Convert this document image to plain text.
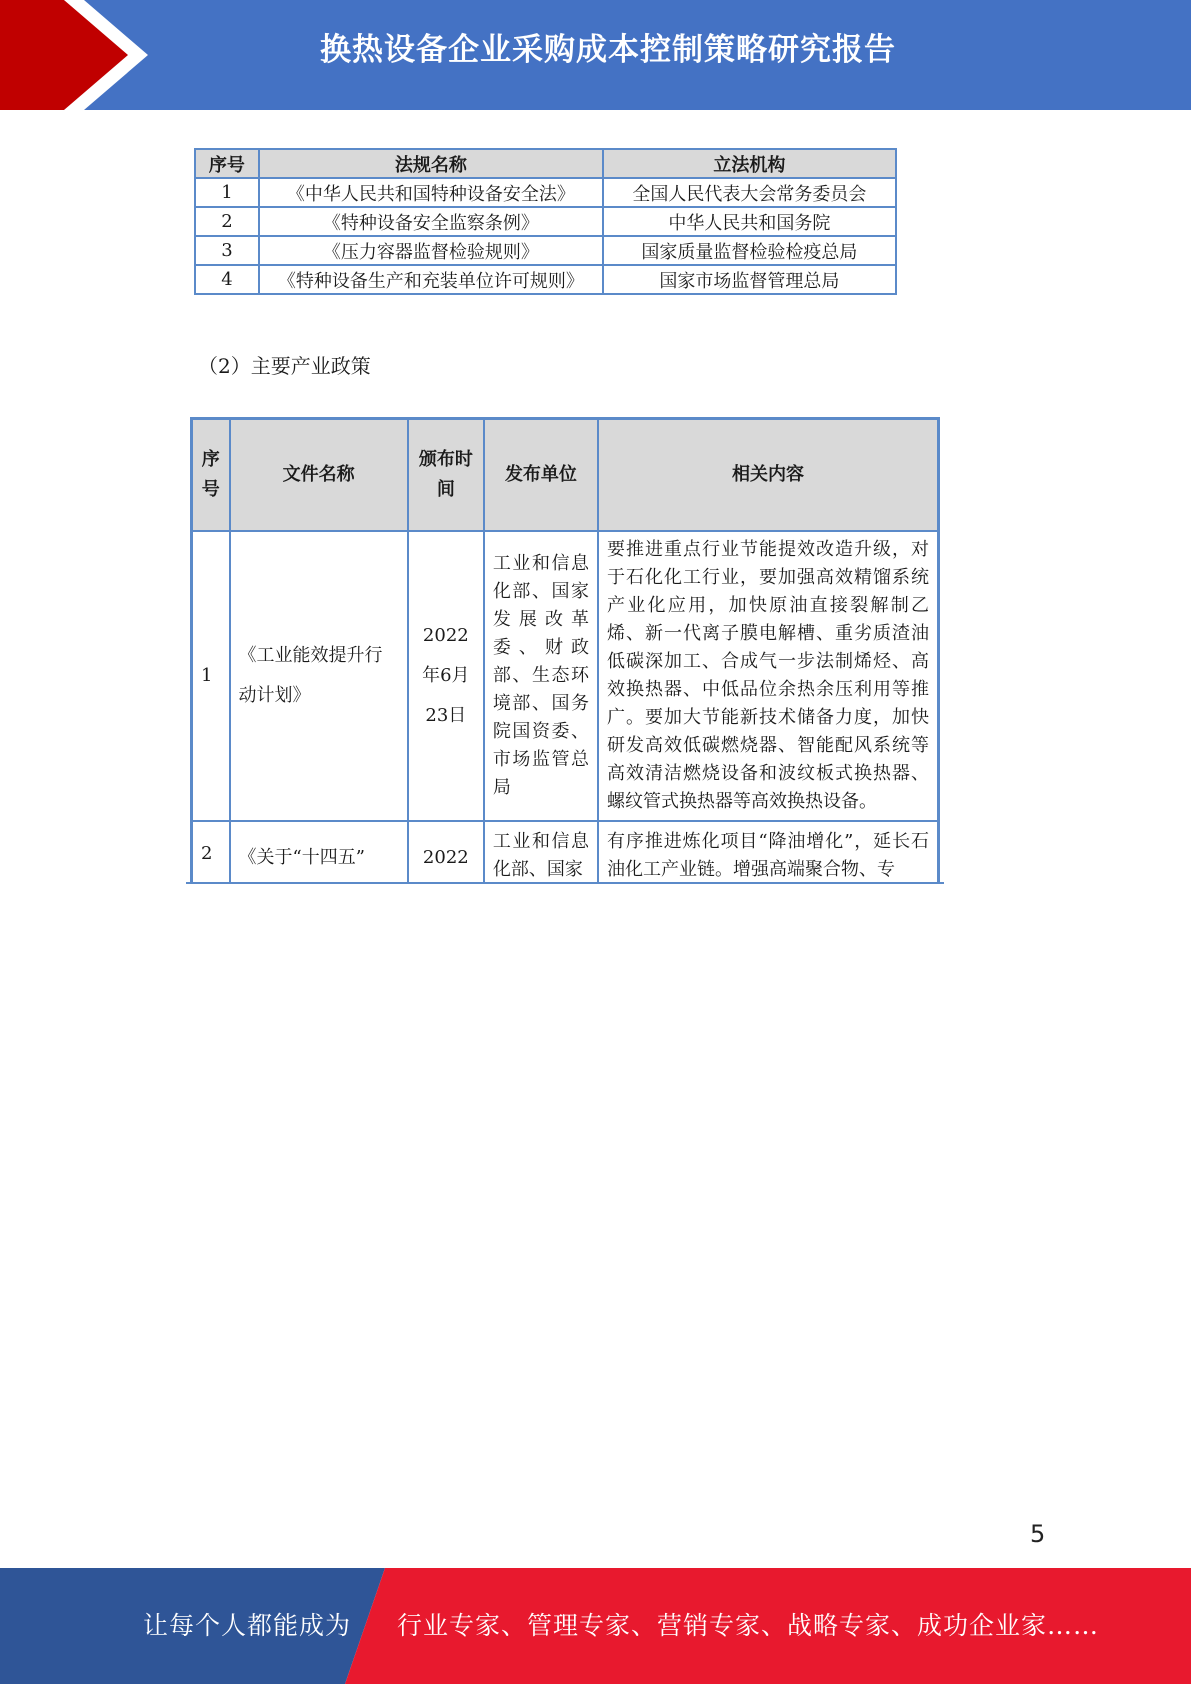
换热设备企业采购成本控制策略研究报告
序号	法规名称	立法机构
1	《中华人民共和国特种设备安全法》	全国人民代表大会常务委员会
2	《特种设备安全监察条例》	中华人民共和国务院
3	《压力容器监督检验规则》	国家质量监督检验检疫总局
4	《特种设备生产和充装单位许可规则》	国家市场监督管理总局
（2）主要产业政策
序号	文件名称	颁布时间	发布单位	相关内容
1	《工业能效提升行动计划》	2022年6月23日	工业和信息化部、国家发展改革委、财政部、生态环境部、国务院国资委、市场监管总局	要推进重点行业节能提效改造升级，对于石化化工行业，要加强高效精馏系统产业化应用，加快原油直接裂解制乙烯、新一代离子膜电解槽、重劣质渣油低碳深加工、合成气一步法制烯烃、高效换热器、中低品位余热余压利用等推广。要加大节能新技术储备力度，加快研发高效低碳燃烧器、智能配风系统等高效清洁燃烧设备和波纹板式换热器、螺纹管式换热器等高效换热设备。
2	《关于“十四五”	2022	工业和信息化部、国家	有序推进炼化项目“降油增化”，延长石油化工产业链。增强高端聚合物、专
5
让每个人都能成为 行业专家、管理专家、营销专家、战略专家、成功企业家……
